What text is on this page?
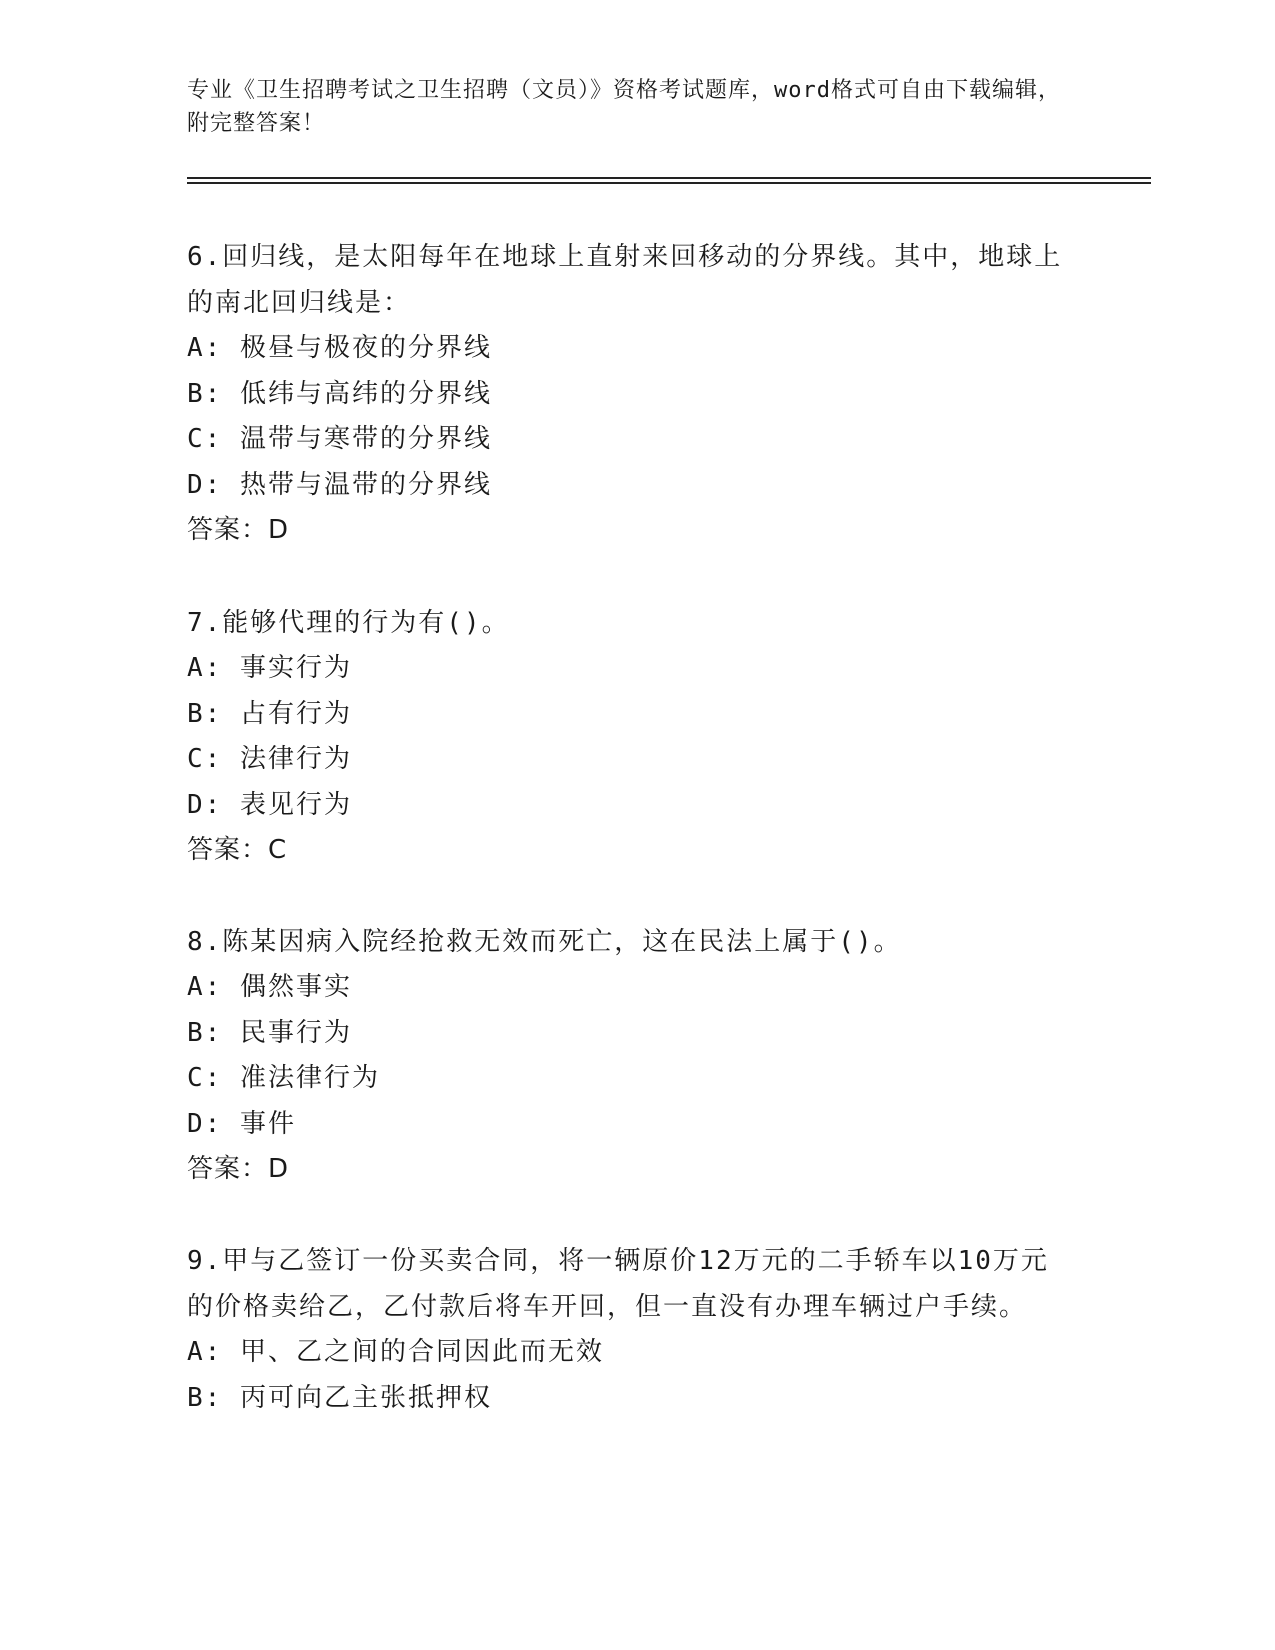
专业《卫生招聘考试之卫生招聘（文员）》资格考试题库，word格式可自由下载编辑，附完整答案！
6.回归线，是太阳每年在地球上直射来回移动的分界线。其中，地球上的南北回归线是：
A: 极昼与极夜的分界线
B: 低纬与高纬的分界线
C: 温带与寒带的分界线
D: 热带与温带的分界线
答案：D
7.能够代理的行为有()。
A: 事实行为
B: 占有行为
C: 法律行为
D: 表见行为
答案：C
8.陈某因病入院经抢救无效而死亡，这在民法上属于()。
A: 偶然事实
B: 民事行为
C: 准法律行为
D: 事件
答案：D
9.甲与乙签订一份买卖合同，将一辆原价12万元的二手轿车以10万元的价格卖给乙，乙付款后将车开回，但一直没有办理车辆过户手续。
A: 甲、乙之间的合同因此而无效
B: 丙可向乙主张抵押权
